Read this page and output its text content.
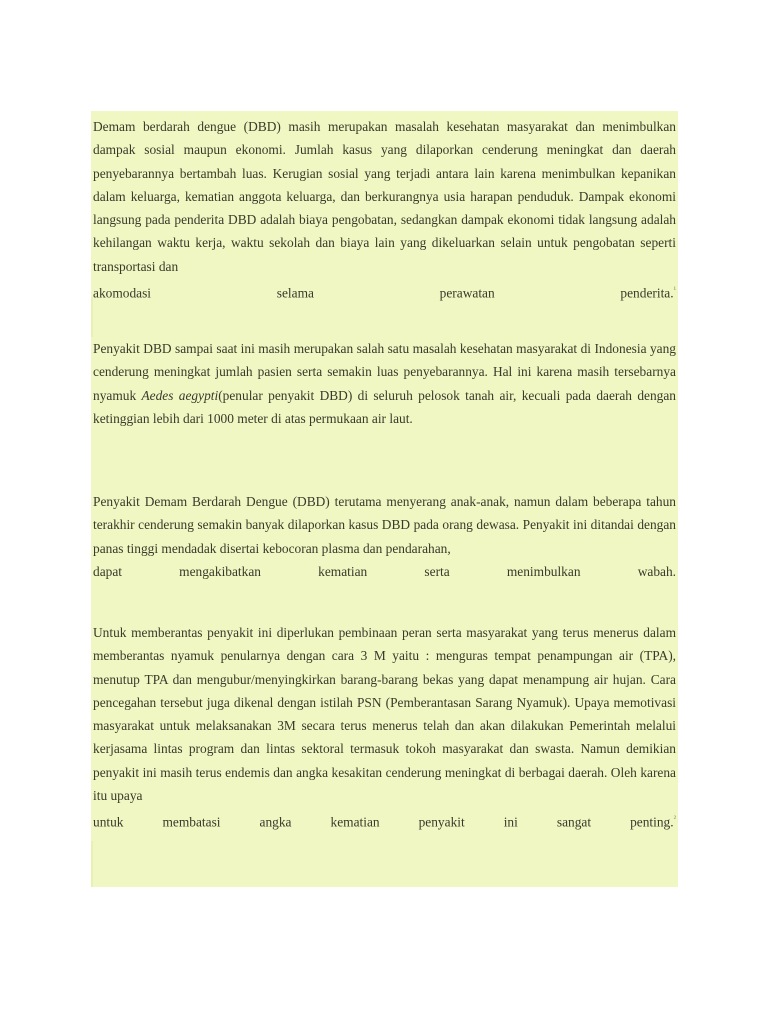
Demam berdarah dengue (DBD) masih merupakan masalah kesehatan masyarakat dan menimbulkan dampak sosial maupun ekonomi. Jumlah kasus yang dilaporkan cenderung meningkat dan daerah penyebarannya bertambah luas. Kerugian sosial yang terjadi antara lain karena menimbulkan kepanikan dalam keluarga, kematian anggota keluarga, dan berkurangnya usia harapan penduduk. Dampak ekonomi langsung pada penderita DBD adalah biaya pengobatan, sedangkan dampak ekonomi tidak langsung adalah kehilangan waktu kerja, waktu sekolah dan biaya lain yang dikeluarkan selain untuk pengobatan seperti transportasi dan
akomodasi selama perawatan penderita.$^{^1}$

Penyakit DBD sampai saat ini masih merupakan salah satu masalah kesehatan masyarakat di Indonesia yang cenderung meningkat jumlah pasien serta semakin luas penyebarannya. Hal ini karena masih tersebarnya nyamuk Aedes aegypti(penular penyakit DBD) di seluruh pelosok tanah air, kecuali pada daerah dengan ketinggian lebih dari 1000 meter di atas permukaan air laut.

Penyakit Demam Berdarah Dengue (DBD) terutama menyerang anak-anak, namun dalam beberapa tahun terakhir cenderung semakin banyak dilaporkan kasus DBD pada orang dewasa. Penyakit ini ditandai dengan panas tinggi mendadak disertai kebocoran plasma dan pendarahan,
dapat mengakibatkan kematian serta menimbulkan wabah.

Untuk memberantas penyakit ini diperlukan pembinaan peran serta masyarakat yang terus menerus dalam memberantas nyamuk penularnya dengan cara 3 M yaitu : menguras tempat penampungan air (TPA), menutup TPA dan mengubur/menyingkirkan barang-barang bekas yang dapat menampung air hujan. Cara pencegahan tersebut juga dikenal dengan istilah PSN (Pemberantasan Sarang Nyamuk). Upaya memotivasi masyarakat untuk melaksanakan 3M secara terus menerus telah dan akan dilakukan Pemerintah melalui kerjasama lintas program dan lintas sektoral termasuk tokoh masyarakat dan swasta. Namun demikian penyakit ini masih terus endemis dan angka kesakitan cenderung meningkat di berbagai daerah. Oleh karena itu upaya
untuk membatasi angka kematian penyakit ini sangat penting.$^{^2}$
